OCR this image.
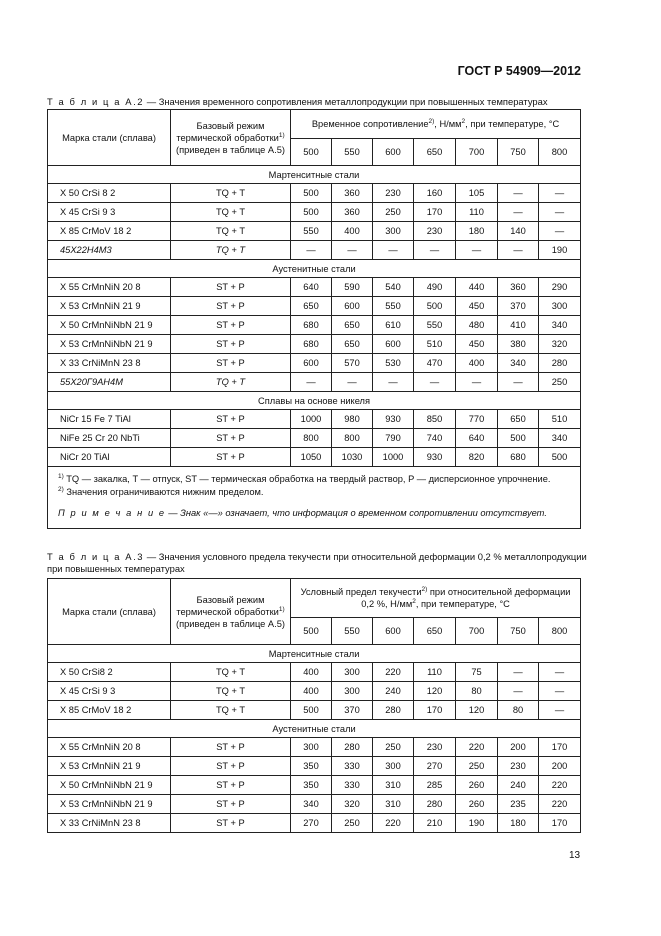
ГОСТ Р 54909—2012
Т а б л и ц а А.2 — Значения временного сопротивления металлопродукции при повышенных температурах
Марка стали (сплава)	Базовый режим
термической обработки$^{1)}$
(приведен в таблице А.5)	Временное сопротивление$^{2)}$, $Н/мм^2$, при температуре, °С						
		500	550	600	650	700	750	800
Мартенситные стали								
X 50 CrSi 8 2	TQ + T	500	360	230	160	105	—	—
X 45 CrSi 9 3	TQ + T	500	360	250	170	110	—	—
X 85 CrMoV 18 2	TQ + T	550	400	300	230	180	140	—
45Х22Н4М3	TQ + T	—	—	—	—	—	—	190
Аустенитные стали								
X 55 CrMnNiN 20 8	ST + P	640	590	540	490	440	360	290
X 53 CrMnNiN 21 9	ST + P	650	600	550	500	450	370	300
X 50 CrMnNiNbN 21 9	ST + P	680	650	610	550	480	410	340
X 53 CrMnNiNbN 21 9	ST + P	680	650	600	510	450	380	320
X 33 CrNiMnN 23 8	ST + P	600	570	530	470	400	340	280
55Х20Г9АН4М	TQ + T	—	—	—	—	—	—	250
Сплавы на основе никеля								
NiCr 15 Fe 7 TiAl	ST + P	1000	980	930	850	770	650	510
NiFe 25 Cr 20 NbTi	ST + P	800	800	790	740	640	500	340
NiCr 20 TiAl	ST + P	1050	1030	1000	930	820	680	500

$^{1)}$ TQ — закалка, T — отпуск, ST — термическая обработка на твердый раствор, P — дисперсионное упрочнение.
$^{2)}$ Значения ограничиваются нижним пределом.
П р и м е ч а н и е — Знак «—» означает, что информация о временном сопротивлении отсутствует.								
Т а б л и ц а А.3 — Значения условного предела текучести при относительной деформации 0,2 % металлопродукции при повышенных температурах
Марка стали (сплава)	Базовый режим
термической обработки$^{1)}$
(приведен в таблице А.5)	Условный предел текучести$^{2)}$ при относительной деформации
0,2 %, $Н/мм^2$, при температуре, °С						
		500	550	600	650	700	750	800
Мартенситные стали								
X 50 CrSi8 2	TQ + T	400	300	220	110	75	—	—
X 45 CrSi 9 3	TQ + T	400	300	240	120	80	—	—
X 85 CrMoV 18 2	TQ + T	500	370	280	170	120	80	—
Аустенитные стали								
X 55 CrMnNiN 20 8	ST + P	300	280	250	230	220	200	170
X 53 CrMnNiN 21 9	ST + P	350	330	300	270	250	230	200
X 50 CrMnNiNbN 21 9	ST + P	350	330	310	285	260	240	220
X 53 CrMnNiNbN 21 9	ST + P	340	320	310	280	260	235	220
X 33 CrNiMnN 23 8	ST + P	270	250	220	210	190	180	170
13
